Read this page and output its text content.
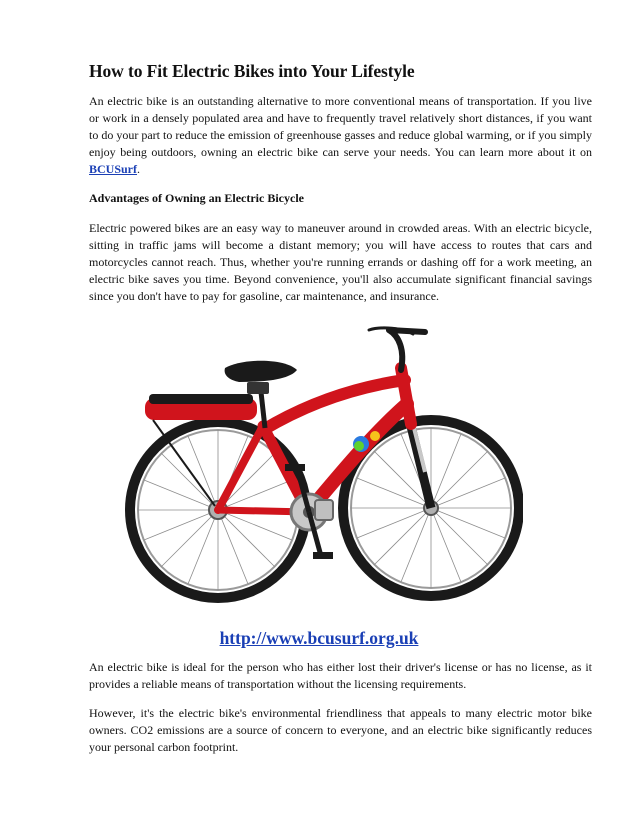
How to Fit Electric Bikes into Your Lifestyle

An electric bike is an outstanding alternative to more conventional means of transportation. If you live or work in a densely populated area and have to frequently travel relatively short distances, if you want to do your part to reduce the emission of greenhouse gasses and reduce global warming, or if you simply enjoy being outdoors, owning an electric bike can serve your needs. You can learn more about it on BCUSurf.

Advantages of Owning an Electric Bicycle

Electric powered bikes are an easy way to maneuver around in crowded areas. With an electric bicycle, sitting in traffic jams will become a distant memory; you will have access to routes that cars and motorcycles cannot reach. Thus, whether you're running errands or dashing off for a work meeting, an electric bike saves you time. Beyond convenience, you'll also accumulate significant financial savings since you don't have to pay for gasoline, car maintenance, and insurance.

http://www.bcusurf.org.uk

An electric bike is ideal for the person who has either lost their driver's license or has no license, as it provides a reliable means of transportation without the licensing requirements.

However, it's the electric bike's environmental friendliness that appeals to many electric motor bike owners. CO2 emissions are a source of concern to everyone, and an electric bike significantly reduces your personal carbon footprint.
